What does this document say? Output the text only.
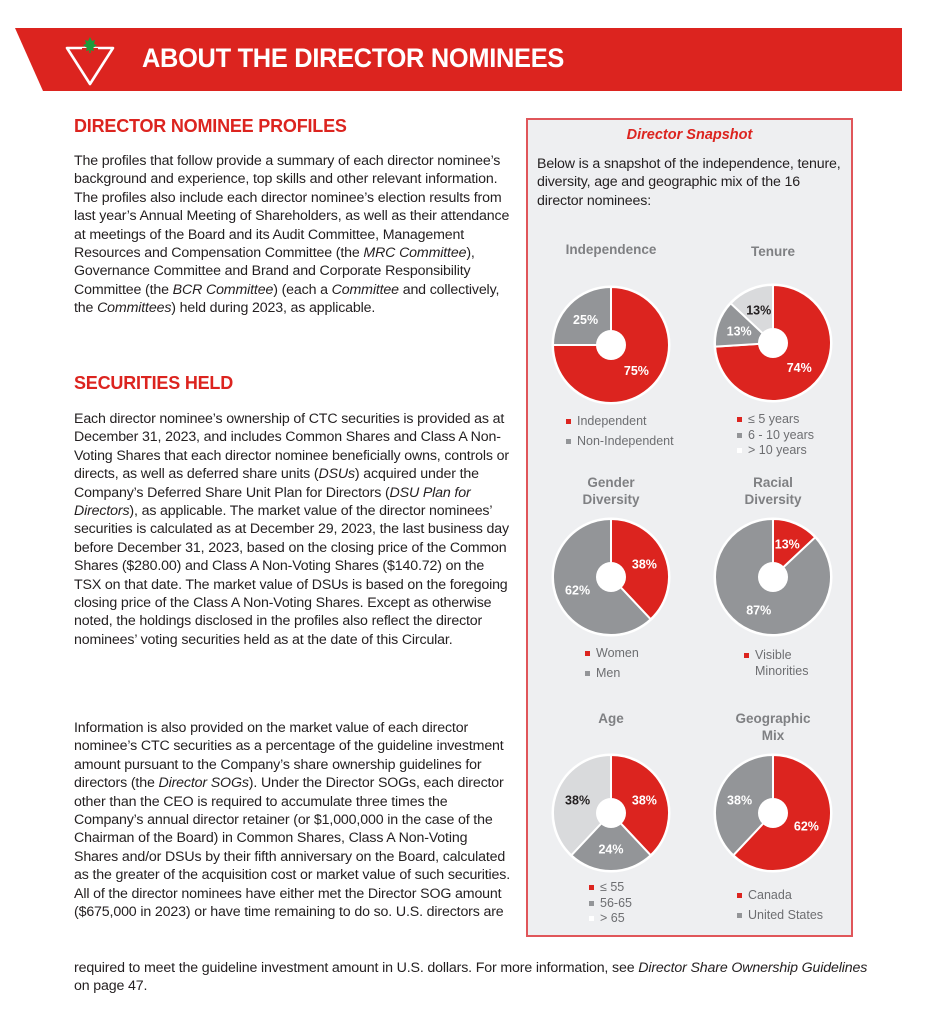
ABOUT THE DIRECTOR NOMINEES
DIRECTOR NOMINEE PROFILES

The profiles that follow provide a summary of each director nominee’s background and experience, top skills and other relevant information. The profiles also include each director nominee’s election results from last year’s Annual Meeting of Shareholders, as well as their attendance at meetings of the Board and its Audit Committee, Management Resources and Compensation Committee (the MRC Committee), Governance Committee and Brand and Corporate Responsibility Committee (the BCR Committee) (each a Committee and collectively, the Committees) held during 2023, as applicable.

SECURITIES HELD

Each director nominee’s ownership of CTC securities is provided as at December 31, 2023, and includes Common Shares and Class A Non-Voting Shares that each director nominee beneficially owns, controls or directs, as well as deferred share units (DSUs) acquired under the Company’s Deferred Share Unit Plan for Directors (DSU Plan for Directors), as applicable. The market value of the director nominees’ securities is calculated as at December 29, 2023, the last business day before December 31, 2023, based on the closing price of the Common Shares ($280.00) and Class A Non-Voting Shares ($140.72) on the TSX on that date. The market value of DSUs is based on the foregoing closing price of the Class A Non-Voting Shares. Except as otherwise noted, the holdings disclosed in the profiles also reflect the director nominees’ voting securities held as at the date of this Circular.

Information is also provided on the market value of each director nominee’s CTC securities as a percentage of the guideline investment amount pursuant to the Company’s share ownership guidelines for directors (the Director SOGs). Under the Director SOGs, each director other than the CEO is required to accumulate three times the Company’s annual director retainer (or $1,000,000 in the case of the Chairman of the Board) in Common Shares, Class A Non-Voting Shares and/or DSUs by their fifth anniversary on the Board, calculated as the greater of the acquisition cost or market value of such securities. All of the director nominees have either met the Director SOG amount ($675,000 in 2023) or have time remaining to do so. U.S. directors are

required to meet the guideline investment amount in U.S. dollars. For more information, see Director Share Ownership Guidelines on page 47.

Director Snapshot
Below is a snapshot of the independence, tenure, diversity, age and geographic mix of the 16 director nominees:
Independence
75%
25%
Independent
Non-Independent
Tenure
74%
13%
13%
≤ 5 years
6 - 10 years
> 10 years
Gender
Diversity
38%
62%
Women
Men
Racial
Diversity
13%
87%
Visible
Minorities
Age
38%
24%
38%
≤ 55
56-65
> 65
Geographic
Mix
62%
38%
Canada
United States
